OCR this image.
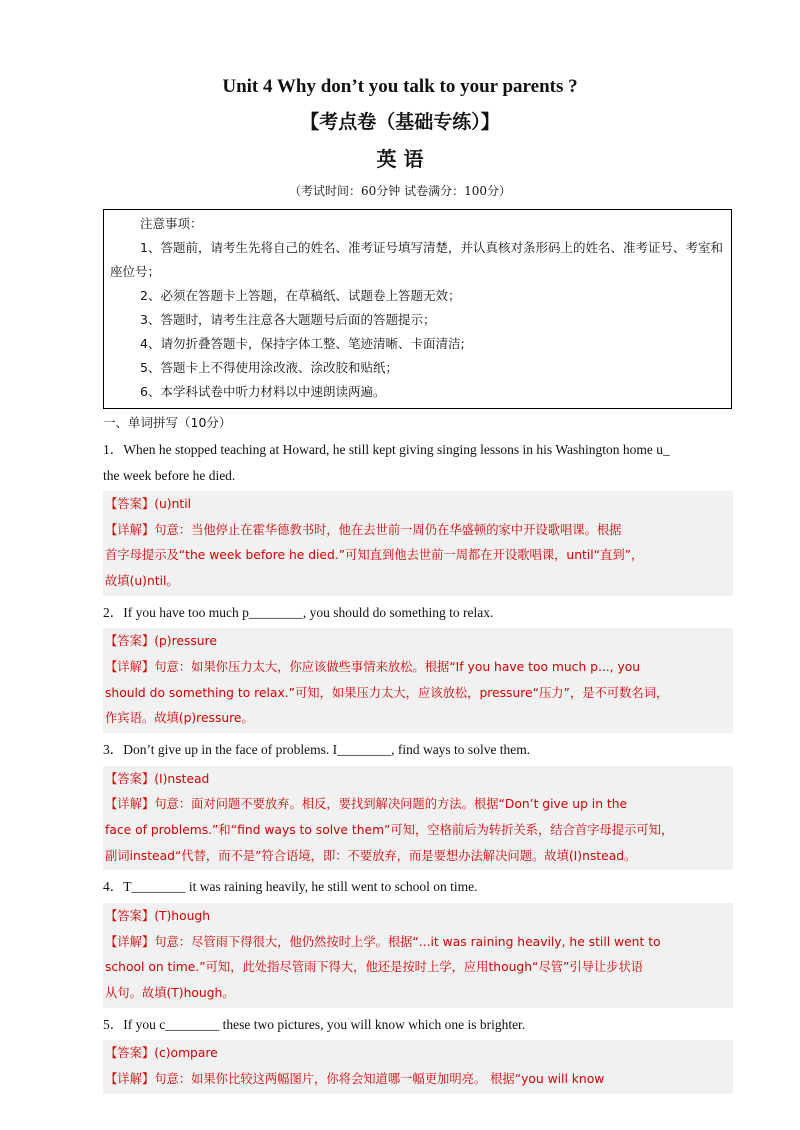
Unit 4 Why don’t you talk to your parents ?
【考点卷（基础专练）】
英 语
（考试时间：60分钟 试卷满分：100分）
注意事项：
1、答题前，请考生先将自己的姓名、准考证号填写清楚，并认真核对条形码上的姓名、准考证号、考室和座位号；
2、必须在答题卡上答题，在草稿纸、试题卷上答题无效；
3、答题时，请考生注意各大题题号后面的答题提示；
4、请勿折叠答题卡，保持字体工整、笔迹清晰、卡面清洁;
5、答题卡上不得使用涂改液、涂改胶和贴纸；
6、本学科试卷中听力材料以中速朗读两遍。
一、单词拼写（10分）
1．When he stopped teaching at Howard, he still kept giving singing lessons in his Washington home u_
the week before he died.

【答案】(u)ntil

【详解】句意：当他停止在霍华德教书时，他在去世前一周仍在华盛顿的家中开设歌唱课。根据

首字母提示及“the week before he died.”可知直到他去世前一周都在开设歌唱课，until“直到”，

故填(u)ntil。

2．If you have too much p________, you should do something to relax.

【答案】(p)ressure

【详解】句意：如果你压力太大，你应该做些事情来放松。根据“If you have too much p..., you

should do something to relax.”可知，如果压力太大，应该放松，pressure“压力”，是不可数名词，

作宾语。故填(p)ressure。

3．Don’t give up in the face of problems. I________, find ways to solve them.

【答案】(I)nstead

【详解】句意：面对问题不要放弃。相反，要找到解决问题的方法。根据“Don’t give up in the

face of problems.”和“find ways to solve them”可知，空格前后为转折关系，结合首字母提示可知，

副词instead“代替，而不是”符合语境，即：不要放弃，而是要想办法解决问题。故填(I)nstead。

4．T________ it was raining heavily, he still went to school on time.

【答案】(T)hough

【详解】句意：尽管雨下得很大，他仍然按时上学。根据“...it was raining heavily, he still went to

school on time.”可知，此处指尽管雨下得大，他还是按时上学，应用though“尽管”引导让步状语

从句。故填(T)hough。

5．If you c________ these two pictures, you will know which one is brighter.

【答案】(c)ompare

【详解】句意：如果你比较这两幅图片，你将会知道哪一幅更加明亮。 根据“you will know
